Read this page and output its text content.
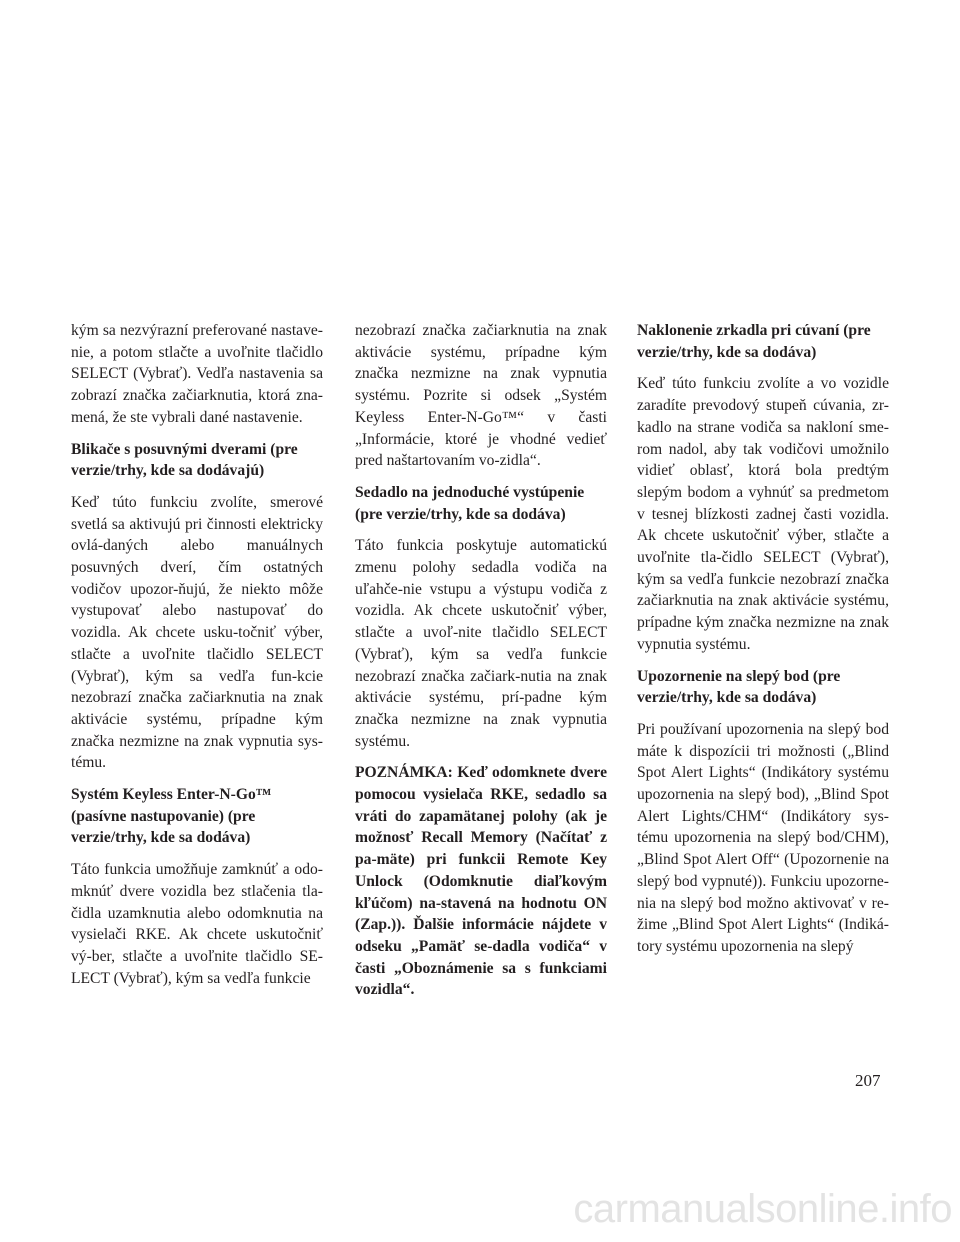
kým sa nezvýrazní preferované nastave-nie, a potom stlačte a uvoľnite tlačidlo SELECT (Vybrať). Vedľa nastavenia sa zobrazí značka začiarknutia, ktorá zna-mená, že ste vybrali dané nastavenie.

Blikače s posuvnými dverami (pre verzie/trhy, kde sa dodávajú)

Keď túto funkciu zvolíte, smerové svetlá sa aktivujú pri činnosti elektricky ovlá-daných alebo manuálnych posuvných dverí, čím ostatných vodičov upozor-ňujú, že niekto môže vystupovať alebo nastupovať do vozidla. Ak chcete usku-točniť výber, stlačte a uvoľnite tlačidlo SELECT (Vybrať), kým sa vedľa fun-kcie nezobrazí značka začiarknutia na znak aktivácie systému, prípadne kým značka nezmizne na znak vypnutia sys-tému.

Systém Keyless Enter-N-Go™ (pasívne nastupovanie) (pre verzie/trhy, kde sa dodáva)

Táto funkcia umožňuje zamknúť a odo-mknúť dvere vozidla bez stlačenia tla-čidla uzamknutia alebo odomknutia na vysielači RKE. Ak chcete uskutočniť vý-ber, stlačte a uvoľnite tlačidlo SE-LECT (Vybrať), kým sa vedľa funkcie

nezobrazí značka začiarknutia na znak aktivácie systému, prípadne kým značka nezmizne na znak vypnutia systému. Pozrite si odsek „Systém Keyless Enter-N-Go™“ v časti „Informácie, ktoré je vhodné vedieť pred naštartovaním vo-zidla“.

Sedadlo na jednoduché vystúpenie (pre verzie/trhy, kde sa dodáva)

Táto funkcia poskytuje automatickú zmenu polohy sedadla vodiča na uľahče-nie vstupu a výstupu vodiča z vozidla. Ak chcete uskutočniť výber, stlačte a uvoľ-nite tlačidlo SELECT (Vybrať), kým sa vedľa funkcie nezobrazí značka začiark-nutia na znak aktivácie systému, prí-padne kým značka nezmizne na znak vypnutia systému.

POZNÁMKA: Keď odomknete dvere pomocou vysielača RKE, sedadlo sa vráti do zapamätanej polohy (ak je možnosť Recall Memory (Načítať z pa-mäte) pri funkcii Remote Key Unlock (Odomknutie diaľkovým kľúčom) na-stavená na hodnotu ON (Zap.)). Ďalšie informácie nájdete v odseku „Pamäť se-dadla vodiča“ v časti „Oboznámenie sa s funkciami vozidla“.

Naklonenie zrkadla pri cúvaní (pre verzie/trhy, kde sa dodáva)

Keď túto funkciu zvolíte a vo vozidle zaradíte prevodový stupeň cúvania, zr-kadlo na strane vodiča sa nakloní sme-rom nadol, aby tak vodičovi umožnilo vidieť oblasť, ktorá bola predtým slepým bodom a vyhnúť sa predmetom v tesnej blízkosti zadnej časti vozidla. Ak chcete uskutočniť výber, stlačte a uvoľnite tla-čidlo SELECT (Vybrať), kým sa vedľa funkcie nezobrazí značka začiarknutia na znak aktivácie systému, prípadne kým značka nezmizne na znak vypnutia systému.

Upozornenie na slepý bod (pre verzie/trhy, kde sa dodáva)

Pri používaní upozornenia na slepý bod máte k dispozícii tri možnosti („Blind Spot Alert Lights“ (Indikátory systému upozornenia na slepý bod), „Blind Spot Alert Lights/CHM“ (Indikátory sys-tému upozornenia na slepý bod/CHM), „Blind Spot Alert Off“ (Upozornenie na slepý bod vypnuté)). Funkciu upozorne-nia na slepý bod možno aktivovať v re-žime „Blind Spot Alert Lights“ (Indiká-tory systému upozornenia na slepý

207
carmanualsonline.info
